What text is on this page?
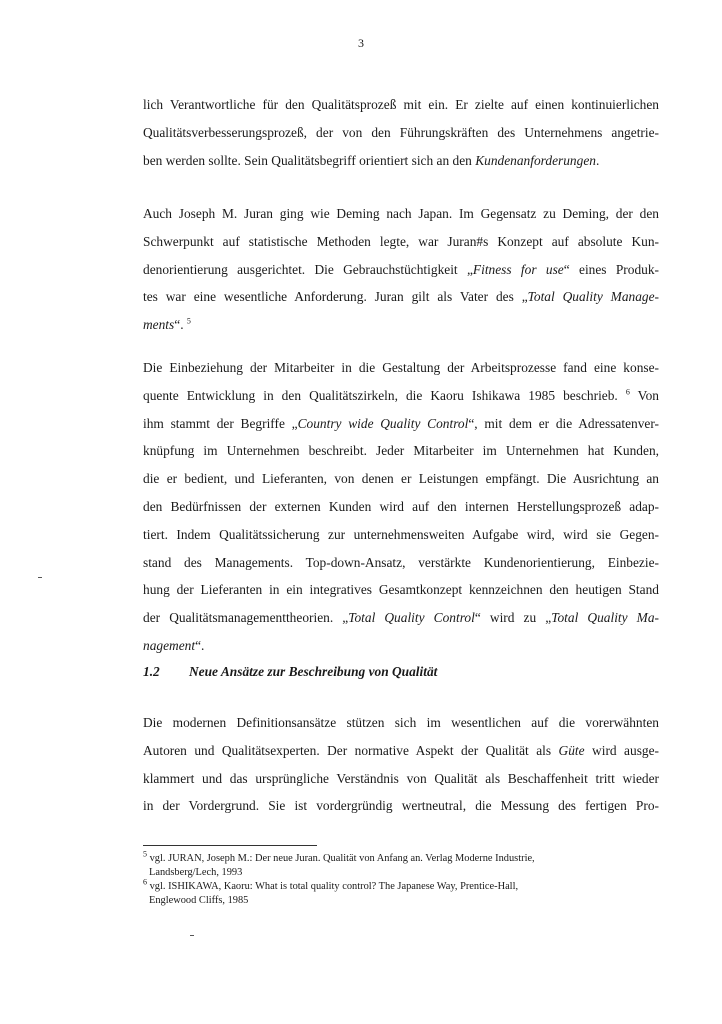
3
lich Verantwortliche für den Qualitätsprozeß mit ein. Er zielte auf einen kontinuierlichen
Qualitätsverbesserungsprozeß, der von den Führungskräften des Unternehmens angetrie-
ben werden sollte. Sein Qualitätsbegriff orientiert sich an den Kundenanforderungen.
Auch Joseph M. Juran ging wie Deming nach Japan. Im Gegensatz zu Deming, der den
Schwerpunkt auf statistische Methoden legte, war Juran#s Konzept auf absolute Kun-
denorientierung ausgerichtet. Die Gebrauchstüchtigkeit „Fitness for use“ eines Produk-
tes war eine wesentliche Anforderung. Juran gilt als Vater des „Total Quality Manage-
ments“. $^5$
Die Einbeziehung der Mitarbeiter in die Gestaltung der Arbeitsprozesse fand eine konse-
quente Entwicklung in den Qualitätszirkeln, die Kaoru Ishikawa 1985 beschrieb. $^6$ Von
ihm stammt der Begriffe „Country wide Quality Control“, mit dem er die Adressatenver-
knüpfung im Unternehmen beschreibt. Jeder Mitarbeiter im Unternehmen hat Kunden,
die er bedient, und Lieferanten, von denen er Leistungen empfängt. Die Ausrichtung an
den Bedürfnissen der externen Kunden wird auf den internen Herstellungsprozeß adap-
tiert. Indem Qualitätssicherung zur unternehmensweiten Aufgabe wird, wird sie Gegen-
stand des Managements. Top-down-Ansatz, verstärkte Kundenorientierung, Einbezie-
hung der Lieferanten in ein integratives Gesamtkonzept kennzeichnen den heutigen Stand
der Qualitätsmanagementtheorien. „Total Quality Control“ wird zu „Total Quality Ma-
nagement“.
1.2 Neue Ansätze zur Beschreibung von Qualität
Die modernen Definitionsansätze stützen sich im wesentlichen auf die vorerwähnten
Autoren und Qualitätsexperten. Der normative Aspekt der Qualität als Güte wird ausge-
klammert und das ursprüngliche Verständnis von Qualität als Beschaffenheit tritt wieder
in der Vordergrund. Sie ist vordergründig wertneutral, die Messung des fertigen Pro-
$^5$ vgl. JURAN, Joseph M.: Der neue Juran. Qualität von Anfang an. Verlag Moderne Industrie,
Landsberg/Lech, 1993
$^6$ vgl. ISHIKAWA, Kaoru: What is total quality control? The Japanese Way, Prentice-Hall,
Englewood Cliffs, 1985
